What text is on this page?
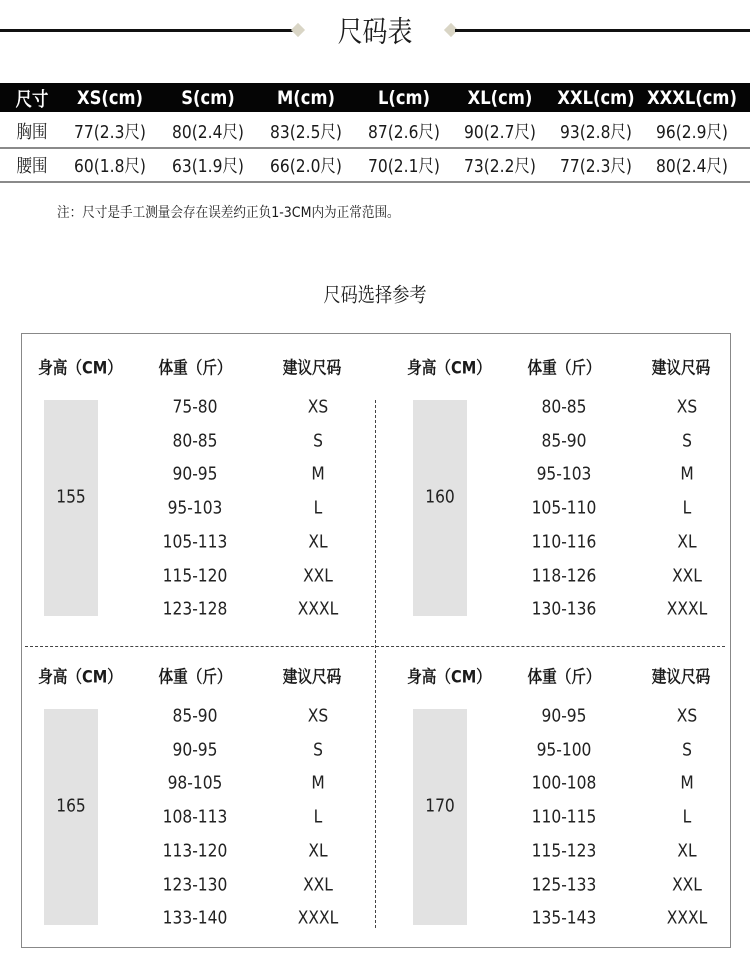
尺码表
尺寸 XS(cm) S(cm) M(cm) L(cm) XL(cm) XXL(cm) XXXL(cm)
胸围 77(2.3尺) 80(2.4尺) 83(2.5尺) 87(2.6尺) 90(2.7尺) 93(2.8尺) 96(2.9尺)
腰围 60(1.8尺) 63(1.9尺) 66(2.0尺) 70(2.1尺) 73(2.2尺) 77(2.3尺) 80(2.4尺)
注：尺寸是手工测量会存在误差约正负1-3CM内为正常范围。
尺码选择参考
身高（CM） 体重（斤）	建议尺码
155
75-80	XS
80-85	S
90-95	M
95-103	L
105-113	XL
115-120	XXL
123-128	XXXL
身高（CM） 体重（斤）	建议尺码
160
80-85	XS
85-90	S
95-103	M
105-110	L
110-116	XL
118-126	XXL
130-136	XXXL
身高（CM） 体重（斤）	建议尺码
165
85-90	XS
90-95	S
98-105	M
108-113	L
113-120	XL
123-130	XXL
133-140	XXXL
身高（CM） 体重（斤）	建议尺码
170
90-95	XS
95-100	S
100-108	M
110-115	L
115-123	XL
125-133	XXL
135-143	XXXL
